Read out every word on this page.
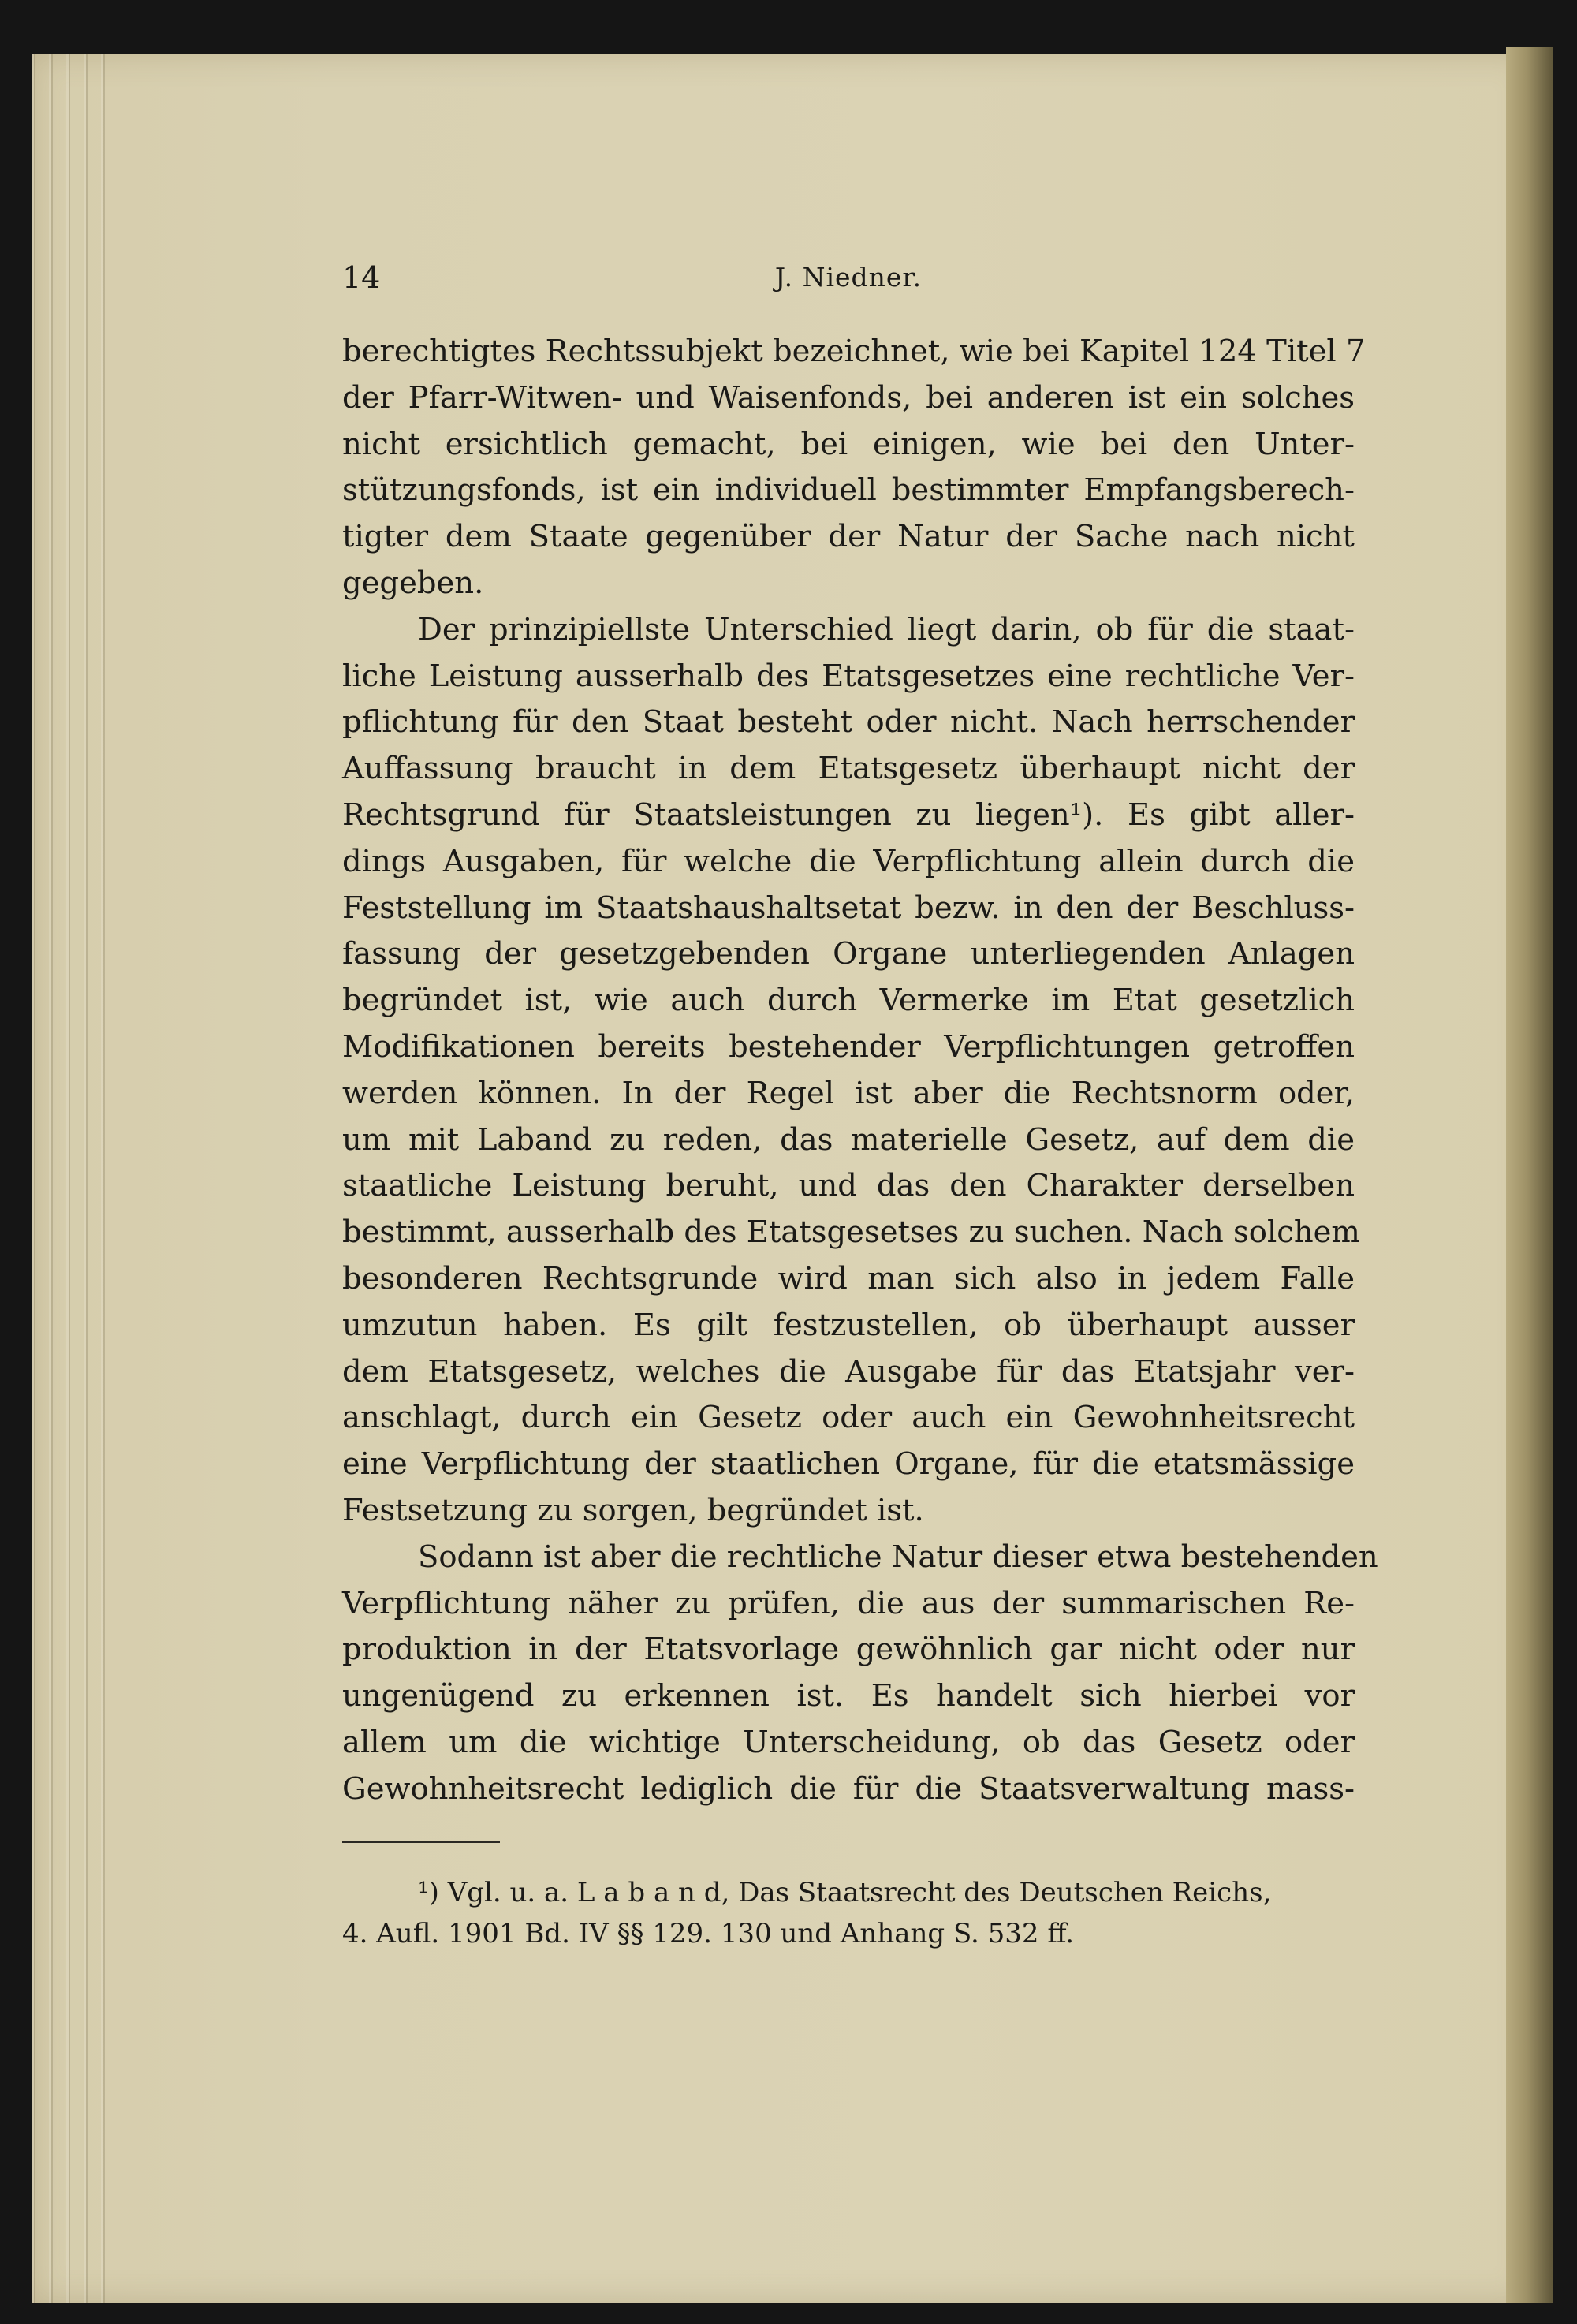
14	J. Niedner.
berechtigtes Rechtssubjekt bezeichnet, wie bei Kapitel 124 Titel 7
der Pfarr-Witwen- und Waisenfonds, bei anderen ist ein solches
nicht ersichtlich gemacht, bei einigen, wie bei den Unter-
stützungsfonds, ist ein individuell bestimmter Empfangsberech-
tigter dem Staate gegenüber der Natur der Sache nach nicht
gegeben.
Der prinzipiellste Unterschied liegt darin, ob für die staat-
liche Leistung ausserhalb des Etatsgesetzes eine rechtliche Ver-
pflichtung für den Staat besteht oder nicht. Nach herrschender
Auffassung braucht in dem Etatsgesetz überhaupt nicht der
Rechtsgrund für Staatsleistungen zu liegen¹). Es gibt aller-
dings Ausgaben, für welche die Verpflichtung allein durch die
Feststellung im Staatshaushaltsetat bezw. in den der Beschluss-
fassung der gesetzgebenden Organe unterliegenden Anlagen
begründet ist, wie auch durch Vermerke im Etat gesetzlich
Modifikationen bereits bestehender Verpflichtungen getroffen
werden können. In der Regel ist aber die Rechtsnorm oder,
um mit Laband zu reden, das materielle Gesetz, auf dem die
staatliche Leistung beruht, und das den Charakter derselben
bestimmt, ausserhalb des Etatsgesetses zu suchen. Nach solchem
besonderen Rechtsgrunde wird man sich also in jedem Falle
umzutun haben. Es gilt festzustellen, ob überhaupt ausser
dem Etatsgesetz, welches die Ausgabe für das Etatsjahr ver-
anschlagt, durch ein Gesetz oder auch ein Gewohnheitsrecht
eine Verpflichtung der staatlichen Organe, für die etatsmässige
Festsetzung zu sorgen, begründet ist.
Sodann ist aber die rechtliche Natur dieser etwa bestehenden
Verpflichtung näher zu prüfen, die aus der summarischen Re-
produktion in der Etatsvorlage gewöhnlich gar nicht oder nur
ungenügend zu erkennen ist. Es handelt sich hierbei vor
allem um die wichtige Unterscheidung, ob das Gesetz oder
Gewohnheitsrecht lediglich die für die Staatsverwaltung mass-
¹) Vgl. u. a. L a b a n d, Das Staatsrecht des Deutschen Reichs,
4. Aufl. 1901 Bd. IV §§ 129. 130 und Anhang S. 532 ff.
